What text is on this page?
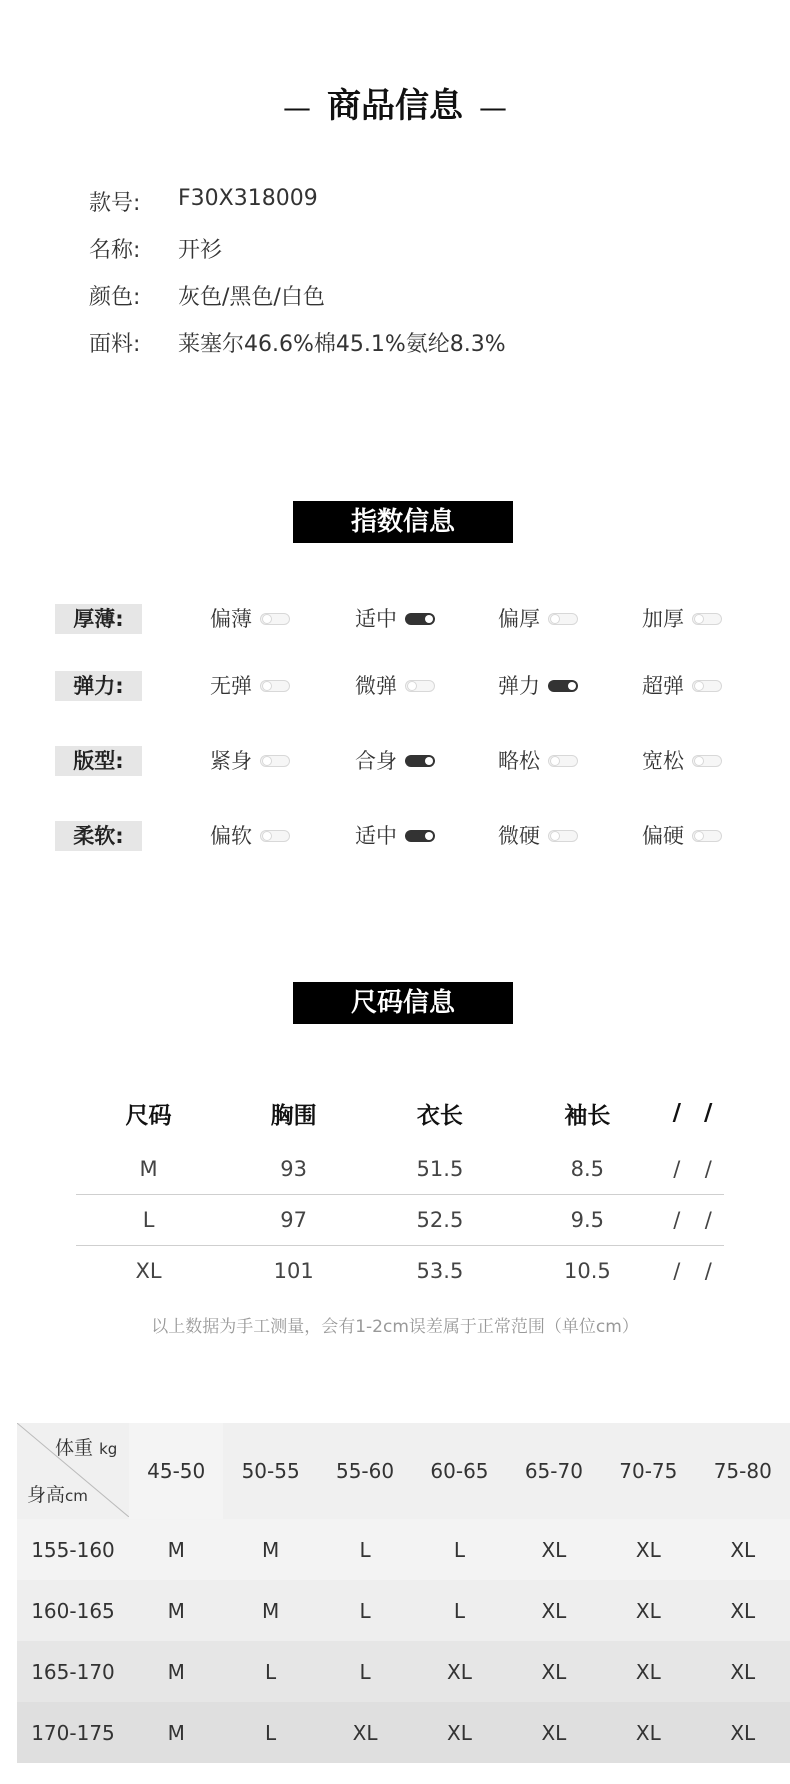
— 商品信息 —
款号:	F30X318009
名称:	开衫
颜色:	灰色/黑色/白色
面料:	莱塞尔46.6%棉45.1%氨纶8.3%
指数信息
厚薄:	偏薄	适中	偏厚	加厚
弹力:	无弹	微弹	弹力	超弹
版型:	紧身	合身	略松	宽松
柔软:	偏软	适中	微硬	偏硬
尺码信息
尺码	胸围	衣长	袖长	/	/
M	93	51.5	8.5	/	/
L	97	52.5	9.5	/	/
XL	101	53.5	10.5	/	/
以上数据为手工测量，会有1-2cm误差属于正常范围（单位cm）
体重 kg
身高cm	45-50	50-55	55-60	60-65	65-70	70-75	75-80
155-160	M	M	L	L	XL	XL	XL
160-165	M	M	L	L	XL	XL	XL
165-170	M	L	L	XL	XL	XL	XL
170-175	M	L	XL	XL	XL	XL	XL
